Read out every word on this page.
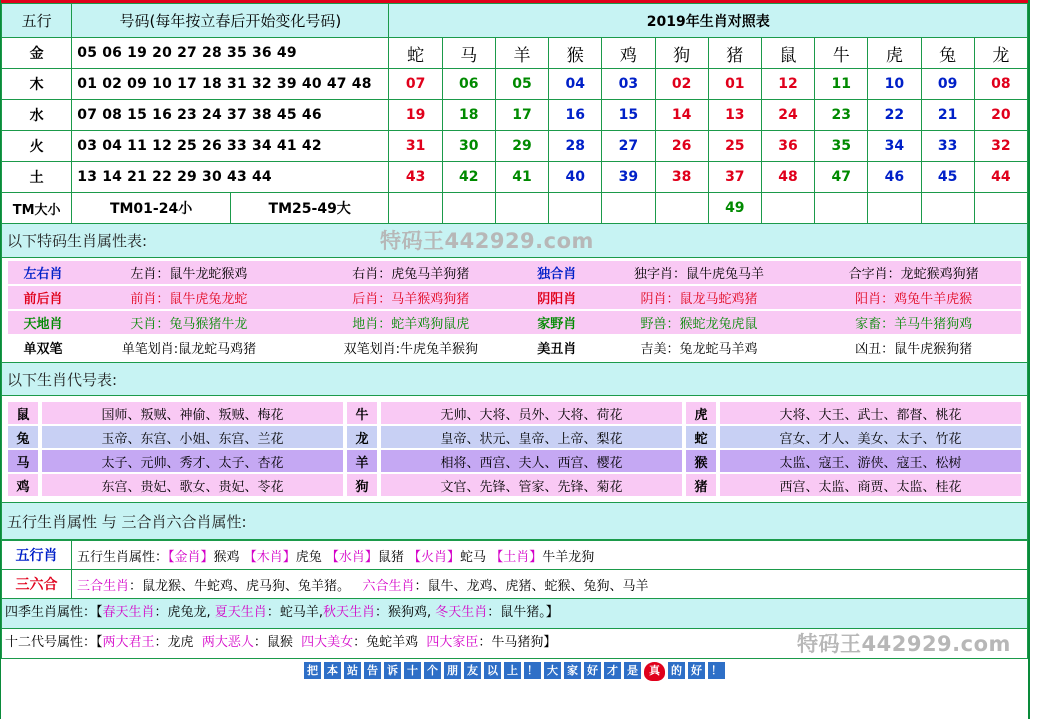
五行	号码(每年按立春后开始变化号码)		2019年生肖对照表											
金	05 06 19 20 27 28 35 36 49		蛇	马	羊	猴	鸡	狗	猪	鼠	牛	虎	兔	龙
木	01 02 09 10 17 18 31 32 39 40 47 48		07	06	05	04	03	02	01	12	11	10	09	08
水	07 08 15 16 23 24 37 38 45 46		19	18	17	16	15	14	13	24	23	22	21	20
火	03 04 11 12 25 26 33 34 41 42		31	30	29	28	27	26	25	36	35	34	33	32
土	13 14 21 22 29 30 43 44		43	42	41	40	39	38	37	48	47	46	45	44
TM大小	TM01-24小	TM25-49大							49					
以下特码生肖属性表:	特码王442929.com
左右肖	左肖：鼠牛龙蛇猴鸡	右肖：虎兔马羊狗猪	独合肖	独字肖：鼠牛虎兔马羊	合字肖：龙蛇猴鸡狗猪

前后肖	前肖：鼠牛虎兔龙蛇	后肖：马羊猴鸡狗猪	阴阳肖	阴肖：鼠龙马蛇鸡猪	阳肖：鸡兔牛羊虎猴

天地肖	天肖：兔马猴猪牛龙	地肖：蛇羊鸡狗鼠虎	家野肖	野兽：猴蛇龙兔虎鼠	家畜：羊马牛猪狗鸡

单双笔	单笔划肖:鼠龙蛇马鸡猪	双笔划肖:牛虎兔羊猴狗	美丑肖	吉美：兔龙蛇马羊鸡	凶丑：鼠牛虎猴狗猪
以下生肖代号表:
鼠		国师、叛贼、神偷、叛贼、梅花		牛		无帅、大将、员外、大将、荷花		虎		大将、大王、武士、都督、桃花
兔		玉帝、东宫、小姐、东宫、兰花		龙		皇帝、状元、皇帝、上帝、梨花		蛇		宫女、才人、美女、太子、竹花
马		太子、元帅、秀才、太子、杏花		羊		相将、西宫、夫人、西宫、樱花		猴		太监、寇王、游侠、寇王、松树
鸡		东宫、贵妃、歌女、贵妃、苓花		狗		文官、先锋、管家、先锋、菊花		猪		西宫、太监、商贾、太监、桂花
五行生肖属性 与 三合肖六合肖属性:
五行肖	五行生肖属性：【金肖】猴鸡 【木肖】虎兔 【水肖】鼠猪 【火肖】蛇马 【土肖】牛羊龙狗
三六合	三合生肖：鼠龙猴、牛蛇鸡、虎马狗、兔羊猪。 六合生肖：鼠牛、龙鸡、虎猪、蛇猴、兔狗、马羊
四季生肖属性：【春天生肖：虎兔龙, 夏天生肖：蛇马羊,秋天生肖：猴狗鸡, 冬天生肖：鼠牛猪。】
十二代号属性：【两大君王：龙虎  两大恶人：鼠猴  四大美女：兔蛇羊鸡  四大家臣：牛马猪狗】	特码王442929.com
把 本 站 告 诉 十 个 朋 友 以 上 ！ 大 家 好 才 是 真 的 好 ！
